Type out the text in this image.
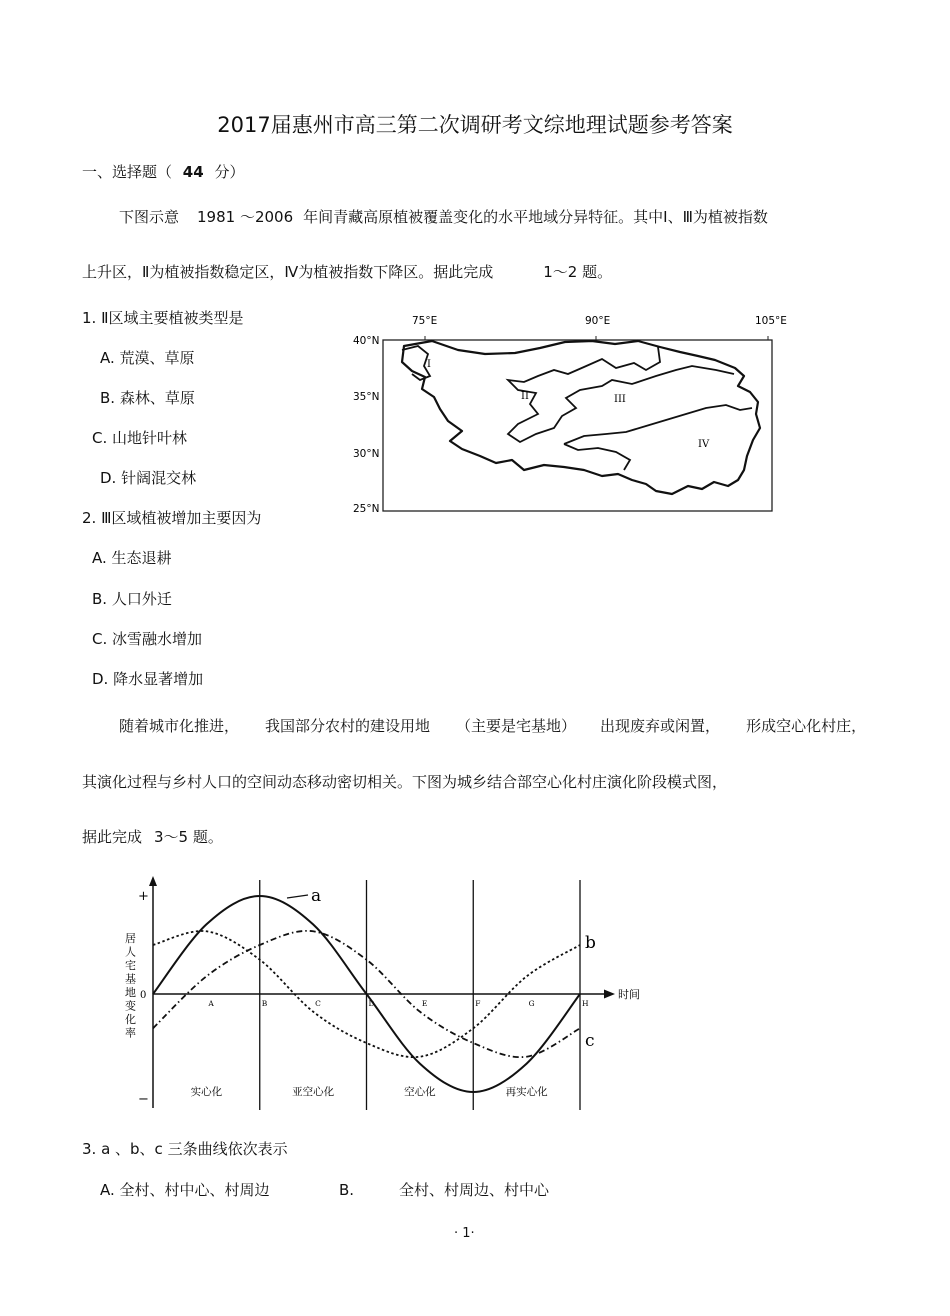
2017届惠州市高三第二次调研考文综地理试题参考答案
一、选择题（ 44 分）
下图示意 1981 ～2006 年间青藏高原植被覆盖变化的水平地域分异特征。其中Ⅰ、Ⅲ为植被指数
上升区，Ⅱ为植被指数稳定区，Ⅳ为植被指数下降区。据此完成	1～2 题。
1. Ⅱ区域主要植被类型是
A. 荒漠、草原
B. 森林、草原
C. 山地针叶林
D. 针阔混交林
2. Ⅲ区域植被增加主要因为
A. 生态退耕
B. 人口外迁
C. 冰雪融水增加
D. 降水显著增加
75°E	90°E	105°E
40°N
35°N
30°N
25°N
I
II	III
IV
随着城市化推进， 我国部分农村的建设用地 （主要是宅基地） 出现废弃或闲置， 形成空心化村庄，
其演化过程与乡村人口的空间动态移动密切相关。下图为城乡结合部空心化村庄演化阶段模式图，
据此完成 3～5 题。
+
0
−
居人宅基地变化率
时间
A	B	C	D	E	F	G	H
实心化	亚空心化	空心化	再实心化
a
b
c
3. a 、b、c 三条曲线依次表示
A. 全村、村中心、村周边	B.	全村、村周边、村中心
· 1·
